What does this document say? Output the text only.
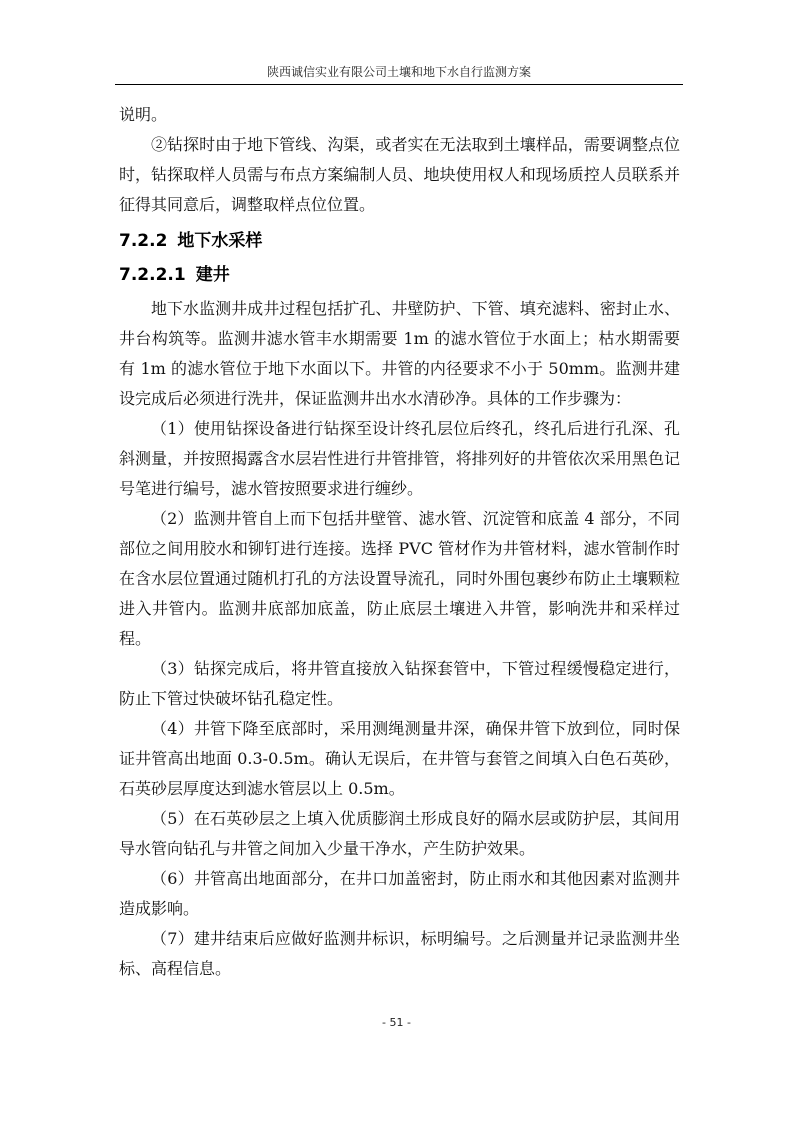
陕西诚信实业有限公司土壤和地下水自行监测方案

说明。

②钻探时由于地下管线、沟渠，或者实在无法取到土壤样品，需要调整点位时，钻探取样人员需与布点方案编制人员、地块使用权人和现场质控人员联系并征得其同意后，调整取样点位位置。

7.2.2 地下水采样
7.2.2.1 建井

地下水监测井成井过程包括扩孔、井壁防护、下管、填充滤料、密封止水、井台构筑等。监测井滤水管丰水期需要 1m 的滤水管位于水面上；枯水期需要有 1m 的滤水管位于地下水面以下。井管的内径要求不小于 50mm。监测井建设完成后必须进行洗井，保证监测井出水水清砂净。具体的工作步骤为：

（1）使用钻探设备进行钻探至设计终孔层位后终孔，终孔后进行孔深、孔斜测量，并按照揭露含水层岩性进行井管排管，将排列好的井管依次采用黑色记号笔进行编号，滤水管按照要求进行缠纱。

（2）监测井管自上而下包括井壁管、滤水管、沉淀管和底盖 4 部分，不同部位之间用胶水和铆钉进行连接。选择 PVC 管材作为井管材料，滤水管制作时在含水层位置通过随机打孔的方法设置导流孔，同时外围包裹纱布防止土壤颗粒进入井管内。监测井底部加底盖，防止底层土壤进入井管，影响洗井和采样过程。

（3）钻探完成后，将井管直接放入钻探套管中，下管过程缓慢稳定进行，防止下管过快破坏钻孔稳定性。

（4）井管下降至底部时，采用测绳测量井深，确保井管下放到位，同时保证井管高出地面 0.3-0.5m。确认无误后，在井管与套管之间填入白色石英砂，石英砂层厚度达到滤水管层以上 0.5m。

（5）在石英砂层之上填入优质膨润土形成良好的隔水层或防护层，其间用导水管向钻孔与井管之间加入少量干净水，产生防护效果。

（6）井管高出地面部分，在井口加盖密封，防止雨水和其他因素对监测井造成影响。

（7）建井结束后应做好监测井标识，标明编号。之后测量并记录监测井坐标、高程信息。

- 51 -
